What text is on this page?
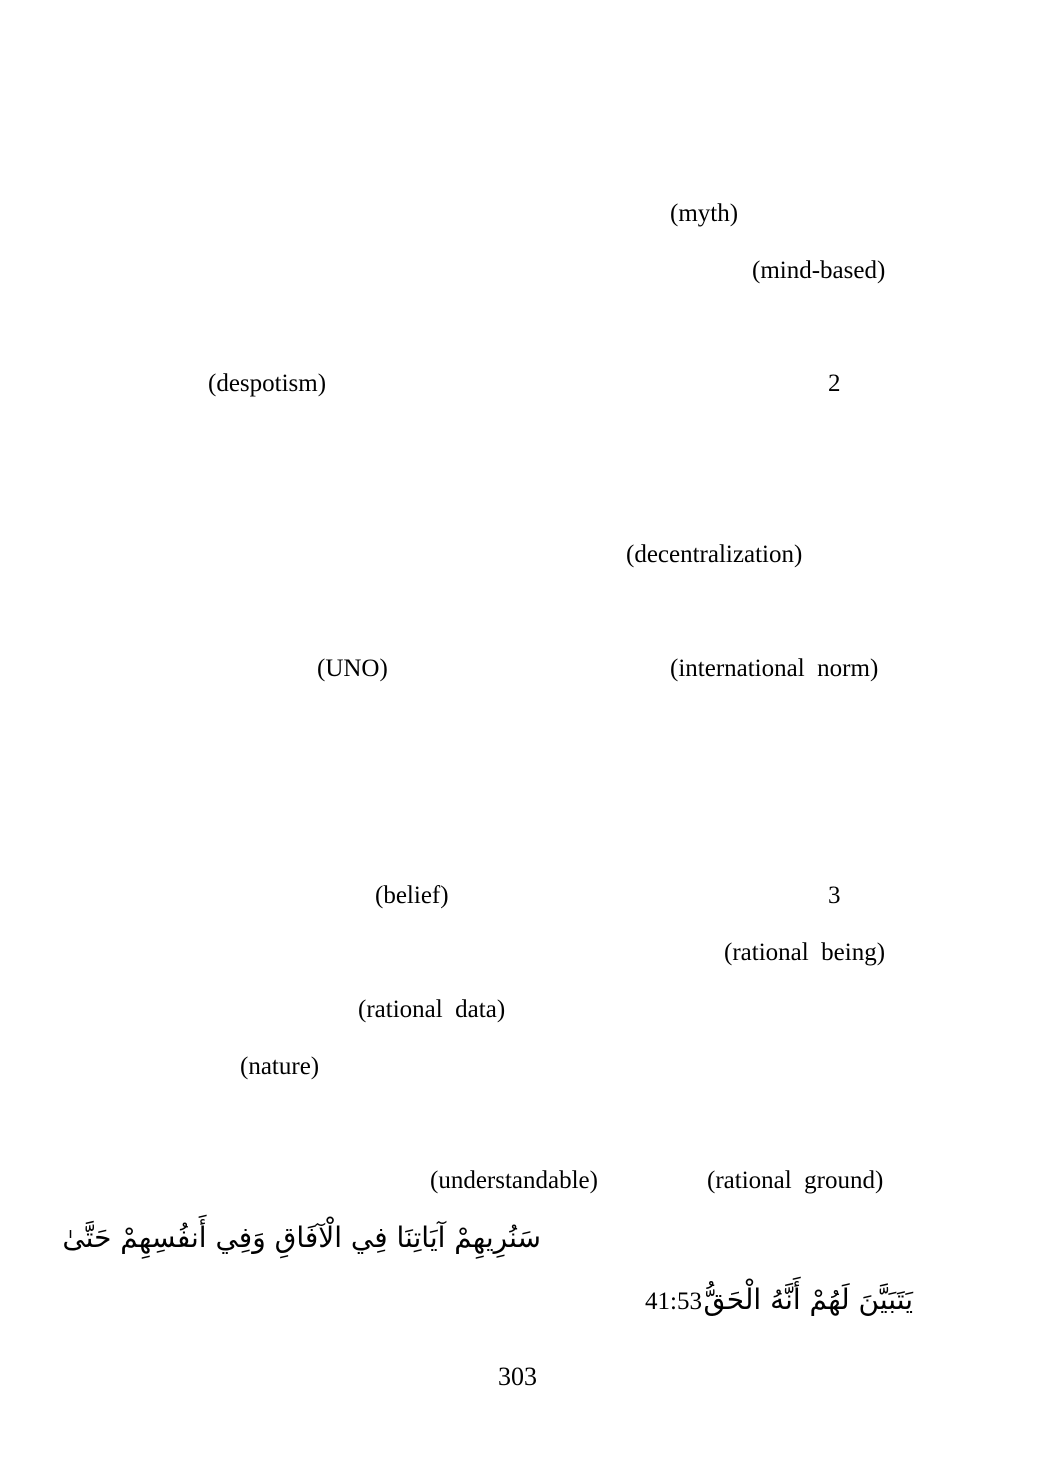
(myth)
(mind-based)
(despotism)	2
(decentralization)
(UNO)	(international  norm)
(belief)	3
(rational  being)
(rational  data)
(nature)
(understandable)	(rational  ground)
سَنُرِيهِمْ آيَاتِنَا فِي الْآفَاقِ وَفِي أَنفُسِهِمْ حَتَّىٰ
يَتَبَيَّنَ لَهُمْ أَنَّهُ الْحَقُّ
41:53
303
